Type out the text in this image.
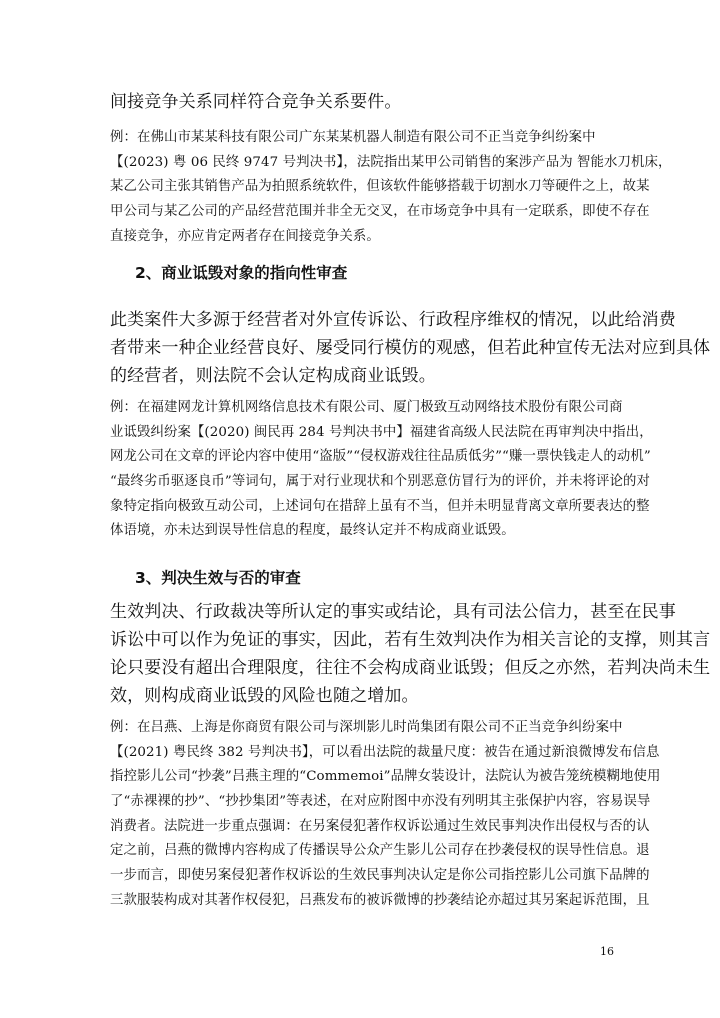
间接竞争关系同样符合竞争关系要件。
例：在佛山市某某科技有限公司广东某某机器人制造有限公司不正当竞争纠纷案中
【(2023) 粤 06 民终 9747 号判决书】，法院指出某甲公司销售的案涉产品为 智能水刀机床，
某乙公司主张其销售产品为拍照系统软件，但该软件能够搭载于切割水刀等硬件之上，故某
甲公司与某乙公司的产品经营范围并非全无交叉，在市场竞争中具有一定联系，即使不存在
直接竞争，亦应肯定两者存在间接竞争关系。
2、商业诋毁对象的指向性审查
此类案件大多源于经营者对外宣传诉讼、行政程序维权的情况，以此给消费
者带来一种企业经营良好、屡受同行模仿的观感，但若此种宣传无法对应到具体
的经营者，则法院不会认定构成商业诋毁。
例：在福建网龙计算机网络信息技术有限公司、厦门极致互动网络技术股份有限公司商
业诋毁纠纷案【(2020) 闽民再 284 号判决书中】福建省高级人民法院在再审判决中指出，
网龙公司在文章的评论内容中使用“盗版”“侵权游戏往往品质低劣”“赚一票快钱走人的动机”
“最终劣币驱逐良币”等词句，属于对行业现状和个别恶意仿冒行为的评价，并未将评论的对
象特定指向极致互动公司，上述词句在措辞上虽有不当，但并未明显背离文章所要表达的整
体语境，亦未达到误导性信息的程度，最终认定并不构成商业诋毁。
3、判决生效与否的审查
生效判决、行政裁决等所认定的事实或结论，具有司法公信力，甚至在民事
诉讼中可以作为免证的事实，因此，若有生效判决作为相关言论的支撑，则其言
论只要没有超出合理限度，往往不会构成商业诋毁；但反之亦然，若判决尚未生
效，则构成商业诋毁的风险也随之增加。
例：在吕燕、上海是你商贸有限公司与深圳影儿时尚集团有限公司不正当竞争纠纷案中
【(2021) 粤民终 382 号判决书】，可以看出法院的裁量尺度：被告在通过新浪微博发布信息
指控影儿公司“抄袭”吕燕主理的“Commemoi”品牌女装设计，法院认为被告笼统模糊地使用
了“赤裸裸的抄”、“抄抄集团”等表述，在对应附图中亦没有列明其主张保护内容，容易误导
消费者。法院进一步重点强调：在另案侵犯著作权诉讼通过生效民事判决作出侵权与否的认
定之前，吕燕的微博内容构成了传播误导公众产生影儿公司存在抄袭侵权的误导性信息。退
一步而言，即使另案侵犯著作权诉讼的生效民事判决认定是你公司指控影儿公司旗下品牌的
三款服装构成对其著作权侵犯，吕燕发布的被诉微博的抄袭结论亦超过其另案起诉范围，且
16
